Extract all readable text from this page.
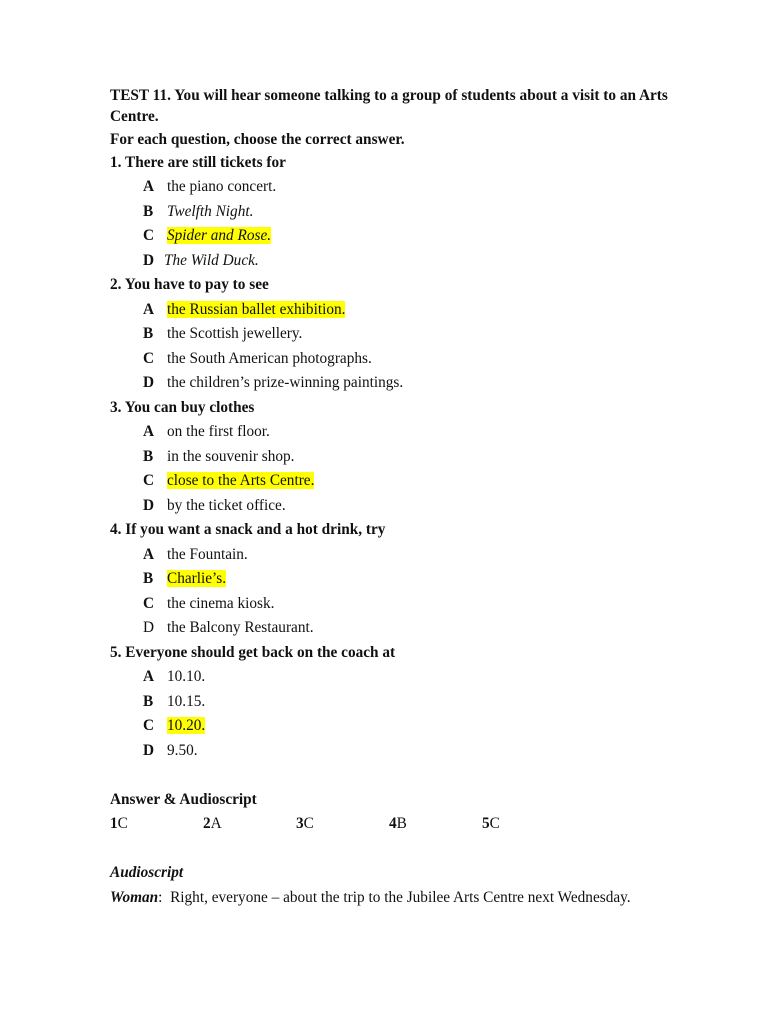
TEST 11. You will hear someone talking to a group of students about a visit to an Arts Centre.
For each question, choose the correct answer.
1. There are still tickets for
A the piano concert.
B Twelfth Night.
C Spider and Rose.
D The Wild Duck.
2. You have to pay to see
A the Russian ballet exhibition.
B the Scottish jewellery.
C the South American photographs.
D the children’s prize-winning paintings.
3. You can buy clothes
A on the first floor.
B in the souvenir shop.
C close to the Arts Centre.
D by the ticket office.
4. If you want a snack and a hot drink, try
A the Fountain.
B Charlie’s.
C the cinema kiosk.
D the Balcony Restaurant.
5. Everyone should get back on the coach at
A 10.10.
B 10.15.
C 10.20.
D 9.50.
Answer & Audioscript
1C	2A	3C	4B	5C
Audioscript
Woman: Right, everyone – about the trip to the Jubilee Arts Centre next Wednesday.
